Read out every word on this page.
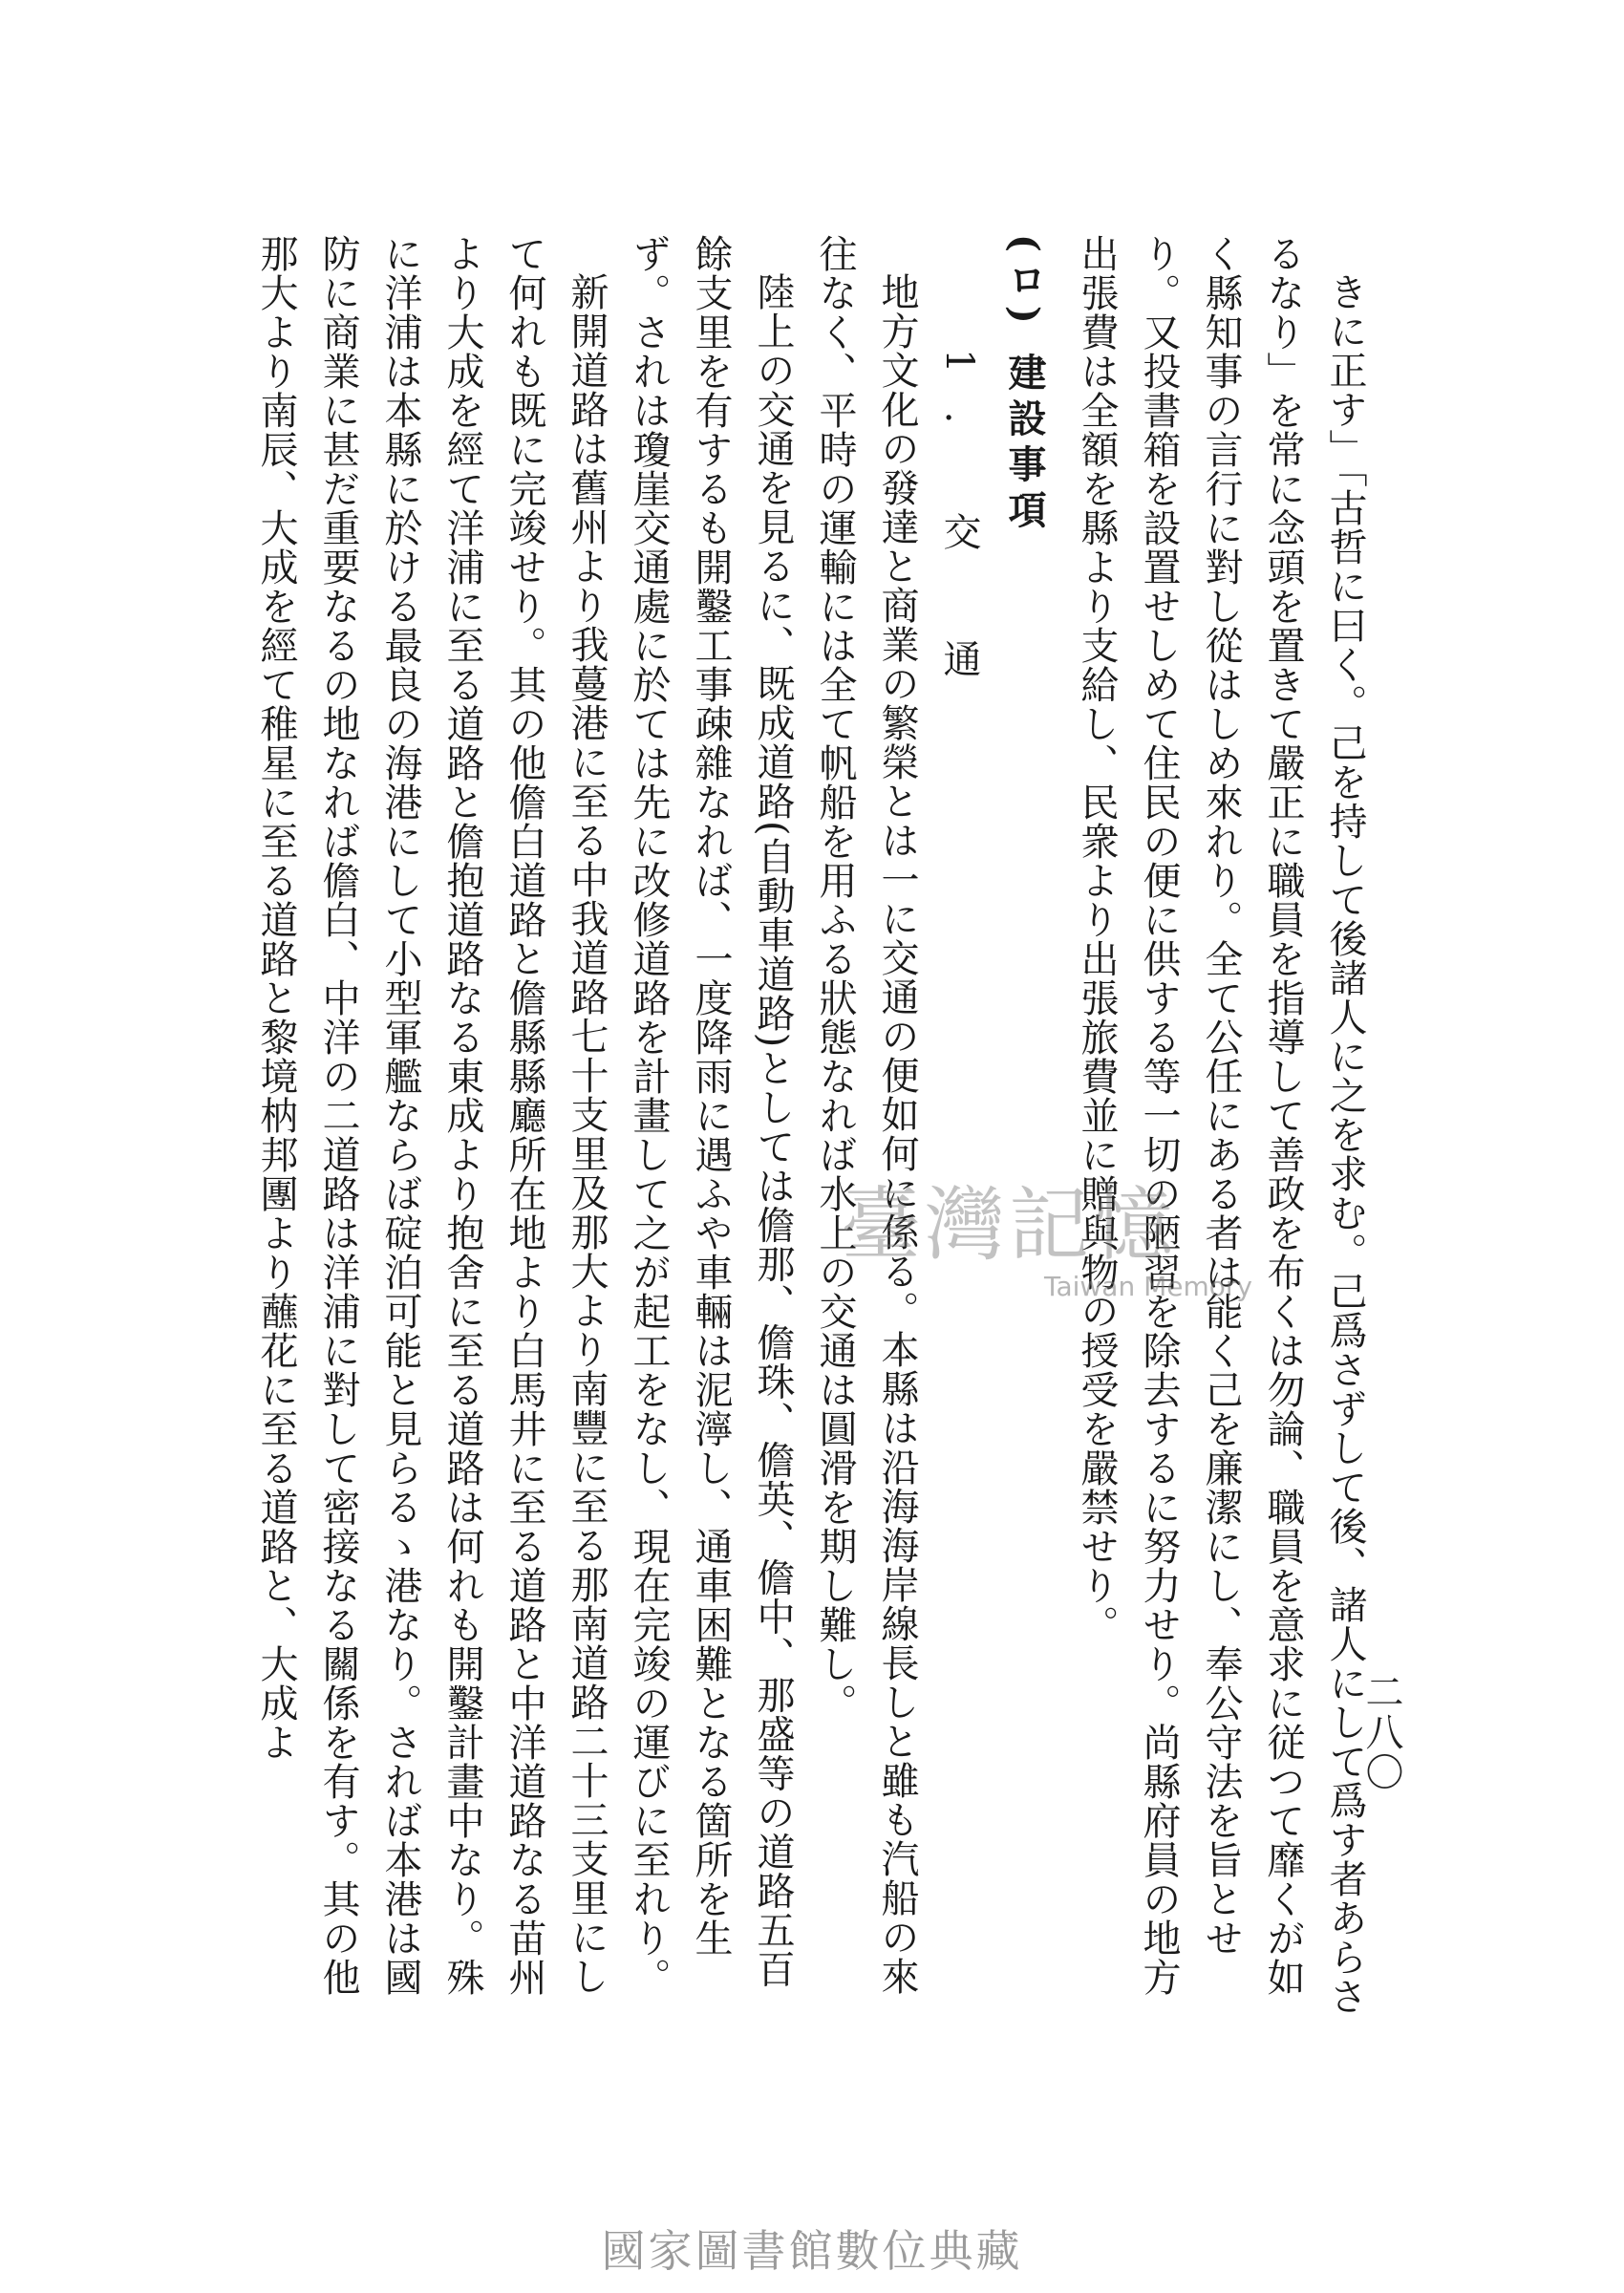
二八〇

きに正す」「古哲に曰く。己を持して後諸人に之を求む。己爲さずして後、諸人にして爲す者あらさるなり」を常に念頭を置きて嚴正に職員を指導して善政を布くは勿論、職員を意求に従つて靡くが如く縣知事の言行に對し從はしめ來れり。全て公任にある者は能く己を廉潔にし、奉公守法を旨とせり。又投書箱を設置せしめて住民の便に供する等一切の陋習を除去するに努力せり。尚縣府員の地方出張費は全額を縣より支給し、民衆より出張旅費並に贈與物の授受を嚴禁せり。

(ロ) 建設事項

1. 交 通

地方文化の發達と商業の繁榮とは一に交通の便如何に係る。本縣は沿海海岸線長しと雖も汽船の來往なく、平時の運輸には全て帆船を用ふる狀態なれば水上の交通は圓滑を期し難し。

陸上の交通を見るに、既成道路(自動車道路)としては儋那、儋珠、儋英、儋中、那盛等の道路五百餘支里を有するも開鑿工事疎雜なれば、一度降雨に遇ふや車輛は泥濘し、通車困難となる箇所を生ず。されは瓊崖交通處に於ては先に改修道路を計畫して之が起工をなし、現在完竣の運びに至れり。

新開道路は舊州より我蔓港に至る中我道路七十支里及那大より南豐に至る那南道路二十三支里にして何れも既に完竣せり。其の他儋白道路と儋縣縣廳所在地より白馬井に至る道路と中洋道路なる苗州より大成を經て洋浦に至る道路と儋抱道路なる東成より抱舍に至る道路は何れも開鑿計畫中なり。殊に洋浦は本縣に於ける最良の海港にして小型軍艦ならば碇泊可能と見らるゝ港なり。されば本港は國防に商業に甚だ重要なるの地なれば儋白、中洋の二道路は洋浦に對して密接なる關係を有す。其の他那大より南辰、大成を經て稚星に至る道路と黎境枘邦團より蘸花に至る道路と、大成よ	臺灣記憶
Taiwan Memory
國家圖書館數位典藏
